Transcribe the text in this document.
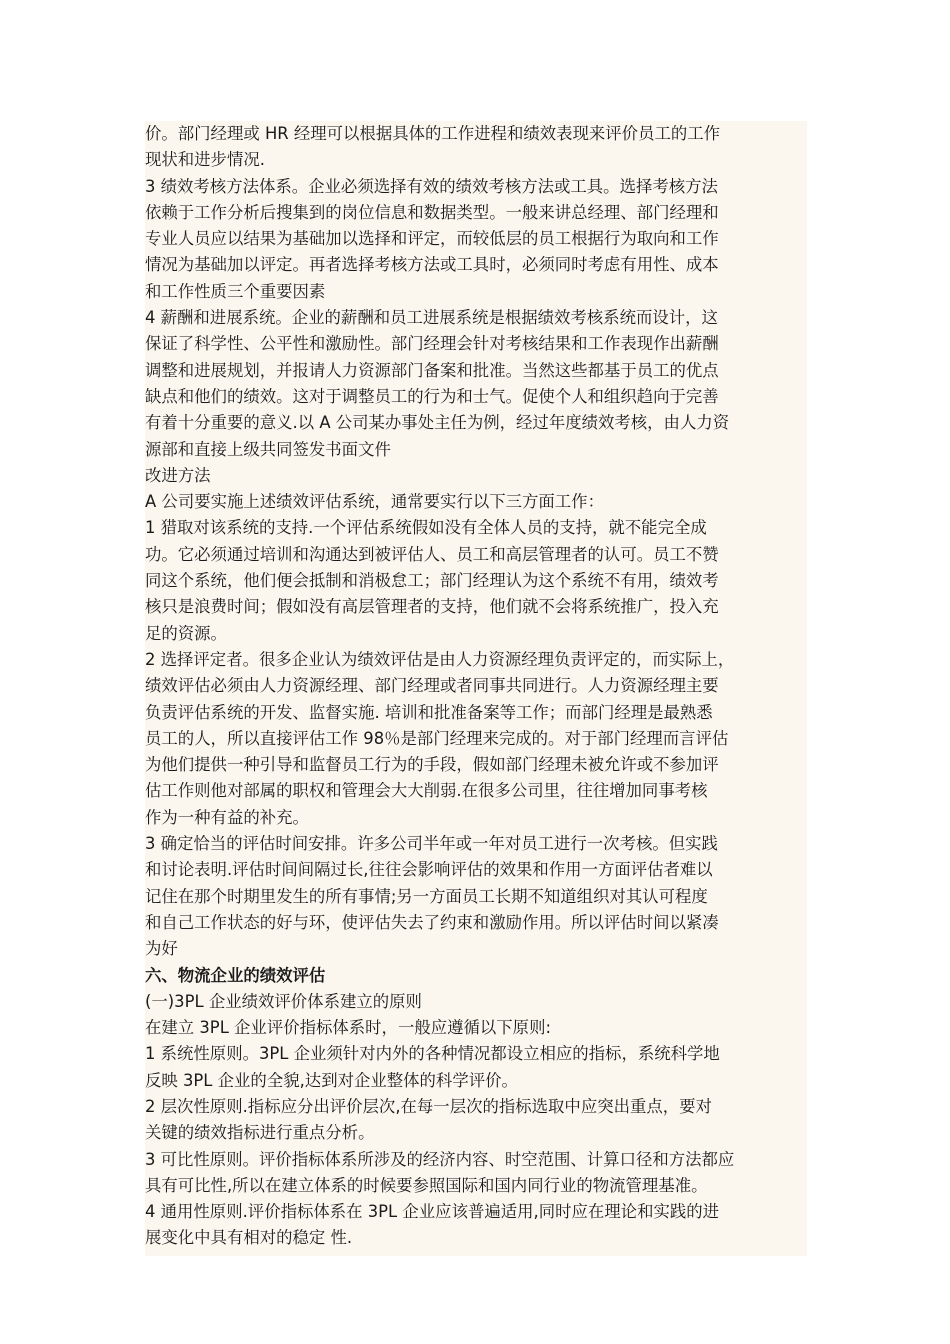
价。部门经理或 HR 经理可以根据具体的工作进程和绩效表现来评价员工的工作
现状和进步情况.
3 绩效考核方法体系。企业必须选择有效的绩效考核方法或工具。选择考核方法
依赖于工作分析后搜集到的岗位信息和数据类型。一般来讲总经理、部门经理和
专业人员应以结果为基础加以选择和评定，而较低层的员工根据行为取向和工作
情况为基础加以评定。再者选择考核方法或工具时，必须同时考虑有用性、成本
和工作性质三个重要因素
4 薪酬和进展系统。企业的薪酬和员工进展系统是根据绩效考核系统而设计，这
保证了科学性、公平性和激励性。部门经理会针对考核结果和工作表现作出薪酬
调整和进展规划，并报请人力资源部门备案和批准。当然这些都基于员工的优点
缺点和他们的绩效。这对于调整员工的行为和士气。促使个人和组织趋向于完善
有着十分重要的意义.以 A 公司某办事处主任为例，经过年度绩效考核，由人力资
源部和直接上级共同签发书面文件
改进方法
A 公司要实施上述绩效评估系统，通常要实行以下三方面工作：
1 猎取对该系统的支持.一个评估系统假如没有全体人员的支持，就不能完全成
功。它必须通过培训和沟通达到被评估人、员工和高层管理者的认可。员工不赞
同这个系统，他们便会抵制和消极怠工；部门经理认为这个系统不有用，绩效考
核只是浪费时间；假如没有高层管理者的支持，他们就不会将系统推广，投入充
足的资源。
2 选择评定者。很多企业认为绩效评估是由人力资源经理负责评定的，而实际上，
绩效评估必须由人力资源经理、部门经理或者同事共同进行。人力资源经理主要
负责评估系统的开发、监督实施. 培训和批准备案等工作；而部门经理是最熟悉
员工的人，所以直接评估工作 98％是部门经理来完成的。对于部门经理而言评估
为他们提供一种引导和监督员工行为的手段，假如部门经理未被允许或不参加评
估工作则他对部属的职权和管理会大大削弱.在很多公司里，往往增加同事考核
作为一种有益的补充。
3 确定恰当的评估时间安排。许多公司半年或一年对员工进行一次考核。但实践
和讨论表明.评估时间间隔过长,往往会影响评估的效果和作用一方面评估者难以
记住在那个时期里发生的所有事情;另一方面员工长期不知道组织对其认可程度
和自己工作状态的好与环，使评估失去了约束和激励作用。所以评估时间以紧凑
为好
六、物流企业的绩效评估
(一)3PL 企业绩效评价体系建立的原则
在建立 3PL 企业评价指标体系时，一般应遵循以下原则:
1 系统性原则。3PL 企业须针对内外的各种情况都设立相应的指标，系统科学地
反映 3PL 企业的全貌,达到对企业整体的科学评价。
2 层次性原则.指标应分出评价层次,在每一层次的指标选取中应突出重点，要对
关键的绩效指标进行重点分析。
3 可比性原则。评价指标体系所涉及的经济内容、时空范围、计算口径和方法都应
具有可比性,所以在建立体系的时候要参照国际和国内同行业的物流管理基准。
4 通用性原则.评价指标体系在 3PL 企业应该普遍适用,同时应在理论和实践的进
展变化中具有相对的稳定 性.
